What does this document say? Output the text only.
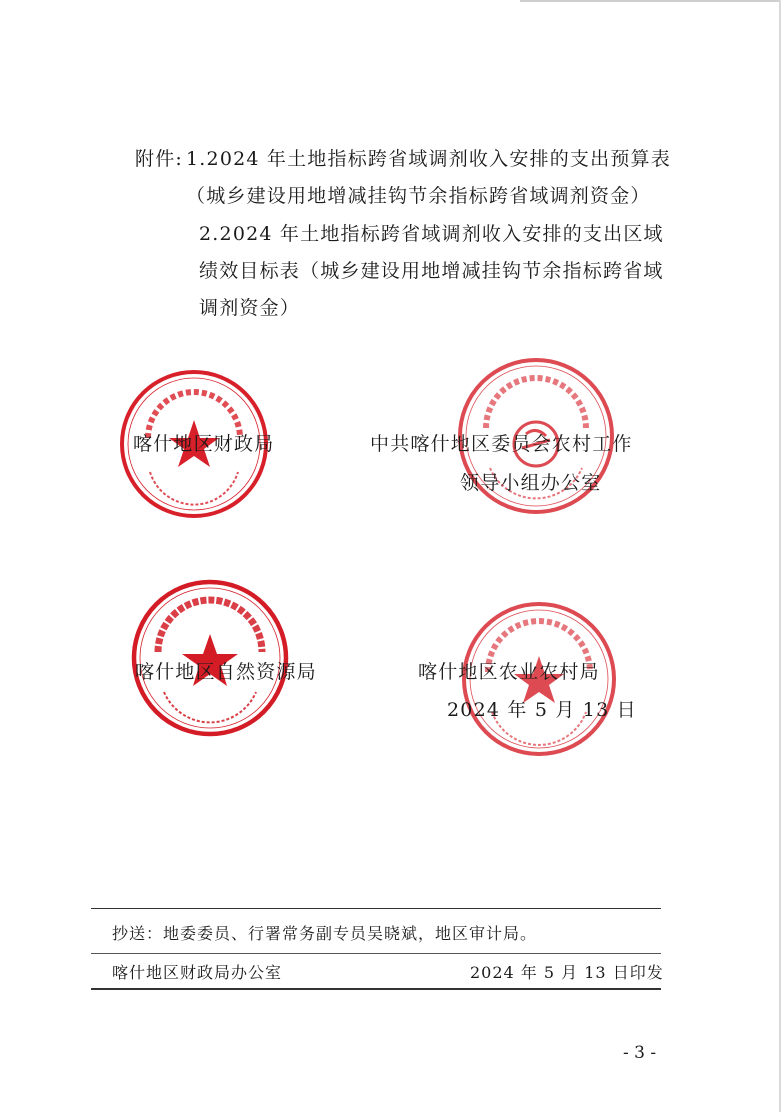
附件: 1.2024 年土地指标跨省域调剂收入安排的支出预算表
（城乡建设用地增减挂钩节余指标跨省域调剂资金）
2.2024 年土地指标跨省域调剂收入安排的支出区域
绩效目标表（城乡建设用地增减挂钩节余指标跨省域
调剂资金）
喀什地区财政局	中共喀什地区委员会农村工作
领导小组办公室
喀什地区自然资源局	喀什地区农业农村局
2024 年 5 月 13 日
抄送：地委委员、行署常务副专员吴晓斌，地区审计局。
喀什地区财政局办公室	2024 年 5 月 13 日印发
- 3 -
